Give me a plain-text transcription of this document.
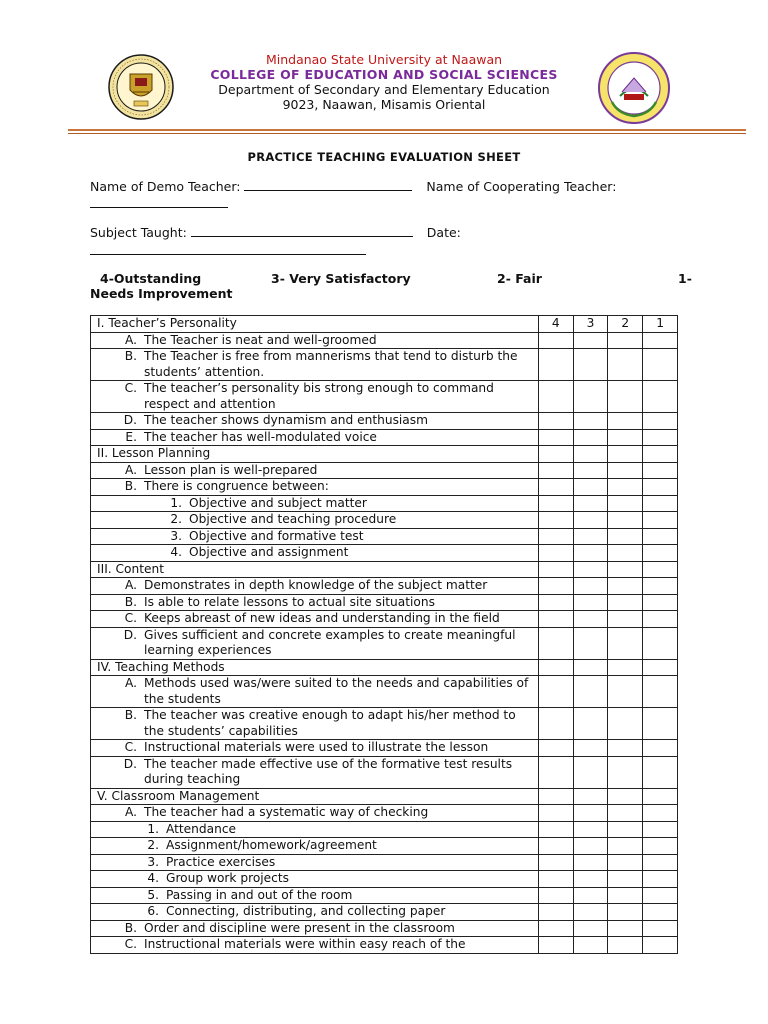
Mindanao State University at Naawan
COLLEGE OF EDUCATION AND SOCIAL SCIENCES
Department of Secondary and Elementary Education
9023, Naawan, Misamis Oriental
PRACTICE TEACHING EVALUATION SHEET
Name of Demo Teacher:	Name of Cooperating Teacher:
Subject Taught:	Date:
4-Outstanding	3- Very Satisfactory	2- Fair	1-
Needs Improvement
I. Teacher’s Personality	4	3	2	1

A. The Teacher is neat and well-groomed				

B. The Teacher is free from mannerisms that tend to disturb the students’ attention.				

C. The teacher’s personality bis strong enough to command respect and attention				

D. The teacher shows dynamism and enthusiasm				

E. The teacher has well-modulated voice				

II. Lesson Planning				

A. Lesson plan is well-prepared				

B. There is congruence between:				

1. Objective and subject matter				

2. Objective and teaching procedure				

3. Objective and formative test				

4. Objective and assignment				

III. Content				

A. Demonstrates in depth knowledge of the subject matter				

B. Is able to relate lessons to actual site situations				

C. Keeps abreast of new ideas and understanding in the field				

D. Gives sufficient and concrete examples to create meaningful learning experiences				

IV. Teaching Methods				

A. Methods used was/were suited to the needs and capabilities of the students				

B. The teacher was creative enough to adapt his/her method to the students’ capabilities				

C. Instructional materials were used to illustrate the lesson				

D. The teacher made effective use of the formative test results during teaching				

V. Classroom Management				

A. The teacher had a systematic way of checking				

1. Attendance				

2. Assignment/homework/agreement				

3. Practice exercises				

4. Group work projects				

5. Passing in and out of the room				

6. Connecting, distributing, and collecting paper				

B. Order and discipline were present in the classroom				

C. Instructional materials were within easy reach of the				
